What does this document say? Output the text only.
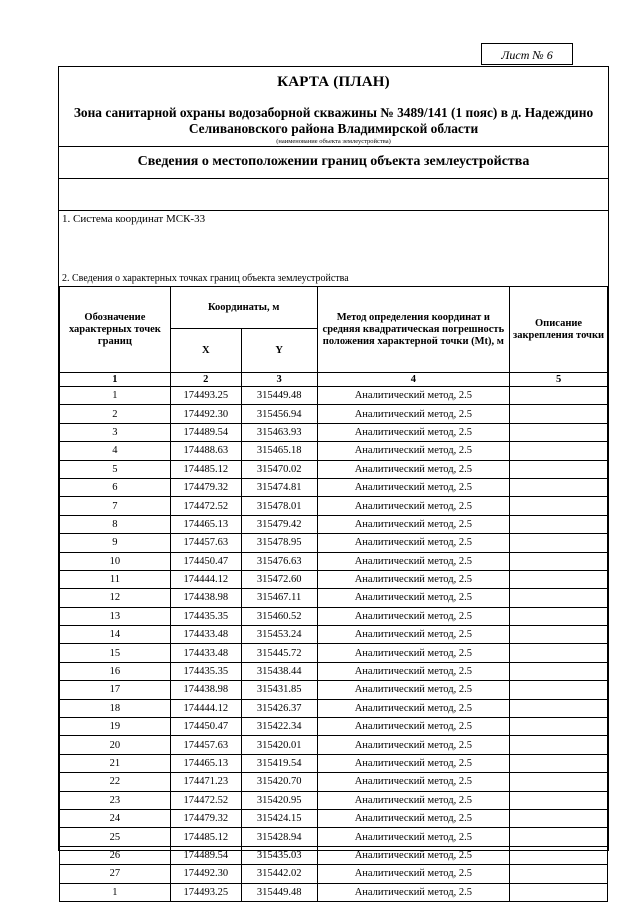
Лист № 6
КАРТА (ПЛАН)
Зона санитарной охраны водозаборной скважины № 3489/141 (1 пояс) в д. Надеждино Селивановского района Владимирской области
(наименование объекта землеустройства)
Сведения о местоположении границ объекта землеустройства
1. Система координат МСК-33
2. Сведения о характерных точках границ объекта землеустройства
Обозначение характерных точек границ	Координаты, м		Метод определения координат и средняя квадратическая погрешность положения характерной точки (Mt), м	Описание закрепления точки
	X	Y		
1	2	3	4	5
1	174493.25	315449.48	Аналитический метод, 2.5	
2	174492.30	315456.94	Аналитический метод, 2.5	
3	174489.54	315463.93	Аналитический метод, 2.5	
4	174488.63	315465.18	Аналитический метод, 2.5	
5	174485.12	315470.02	Аналитический метод, 2.5	
6	174479.32	315474.81	Аналитический метод, 2.5	
7	174472.52	315478.01	Аналитический метод, 2.5	
8	174465.13	315479.42	Аналитический метод, 2.5	
9	174457.63	315478.95	Аналитический метод, 2.5	
10	174450.47	315476.63	Аналитический метод, 2.5	
11	174444.12	315472.60	Аналитический метод, 2.5	
12	174438.98	315467.11	Аналитический метод, 2.5	
13	174435.35	315460.52	Аналитический метод, 2.5	
14	174433.48	315453.24	Аналитический метод, 2.5	
15	174433.48	315445.72	Аналитический метод, 2.5	
16	174435.35	315438.44	Аналитический метод, 2.5	
17	174438.98	315431.85	Аналитический метод, 2.5	
18	174444.12	315426.37	Аналитический метод, 2.5	
19	174450.47	315422.34	Аналитический метод, 2.5	
20	174457.63	315420.01	Аналитический метод, 2.5	
21	174465.13	315419.54	Аналитический метод, 2.5	
22	174471.23	315420.70	Аналитический метод, 2.5	
23	174472.52	315420.95	Аналитический метод, 2.5	
24	174479.32	315424.15	Аналитический метод, 2.5	
25	174485.12	315428.94	Аналитический метод, 2.5	
26	174489.54	315435.03	Аналитический метод, 2.5	
27	174492.30	315442.02	Аналитический метод, 2.5	
1	174493.25	315449.48	Аналитический метод, 2.5	
